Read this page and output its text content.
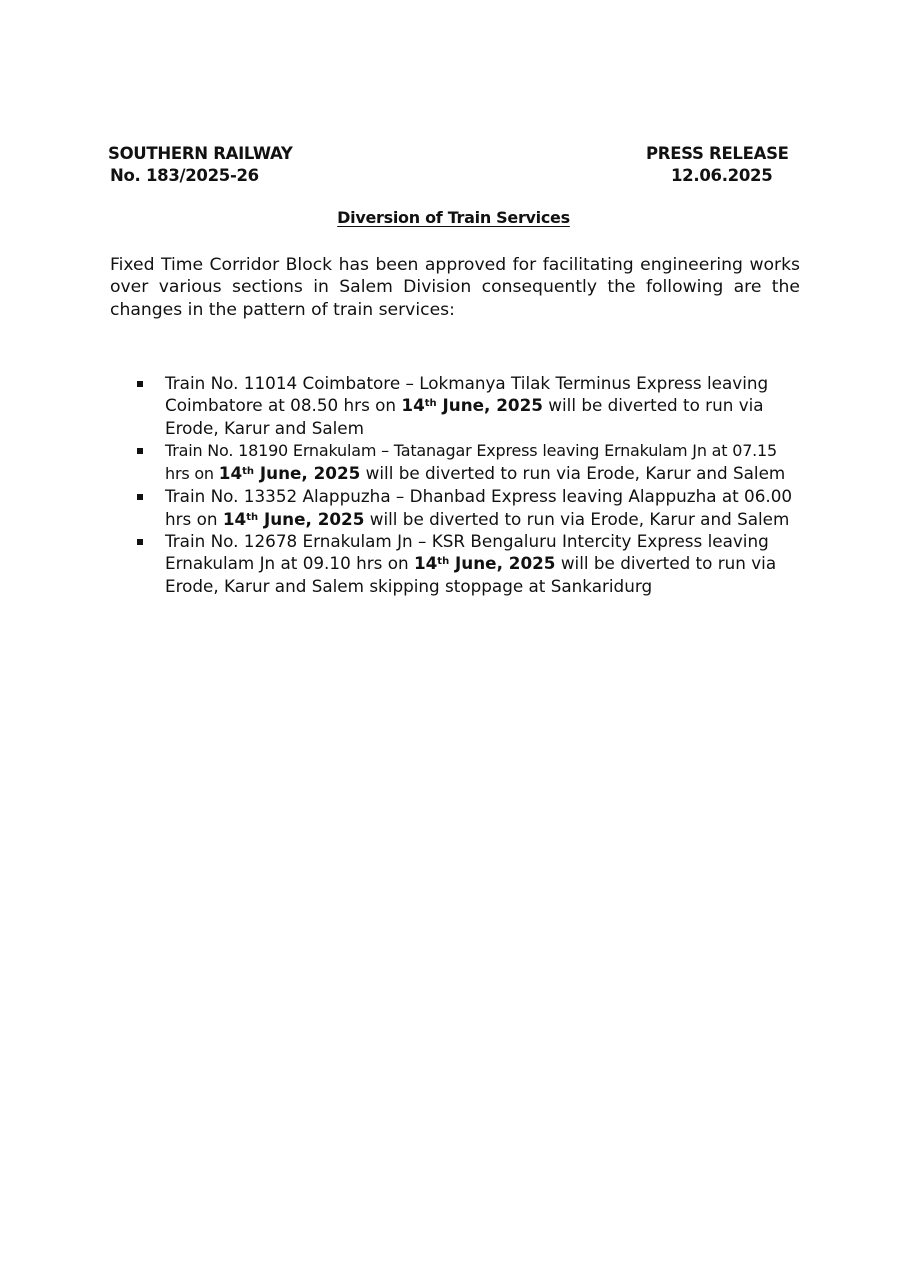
SOUTHERN RAILWAY
No. 183/2025-26
PRESS RELEASE
12.06.2025
Diversion of Train Services

Fixed Time Corridor Block has been approved for facilitating engineering works over various sections in Salem Division consequently the following are the changes in the pattern of train services:

Train No. 11014 Coimbatore – Lokmanya Tilak Terminus Express leaving Coimbatore at 08.50 hrs on 14th June, 2025 will be diverted to run via Erode, Karur and Salem
Train No. 18190 Ernakulam – Tatanagar Express leaving Ernakulam Jn at 07.15 hrs on 14th June, 2025 will be diverted to run via Erode, Karur and Salem
Train No. 13352 Alappuzha – Dhanbad Express leaving Alappuzha at 06.00 hrs on 14th June, 2025 will be diverted to run via Erode, Karur and Salem
Train No. 12678 Ernakulam Jn – KSR Bengaluru Intercity Express leaving Ernakulam Jn at 09.10 hrs on 14th June, 2025 will be diverted to run via Erode, Karur and Salem skipping stoppage at Sankaridurg
